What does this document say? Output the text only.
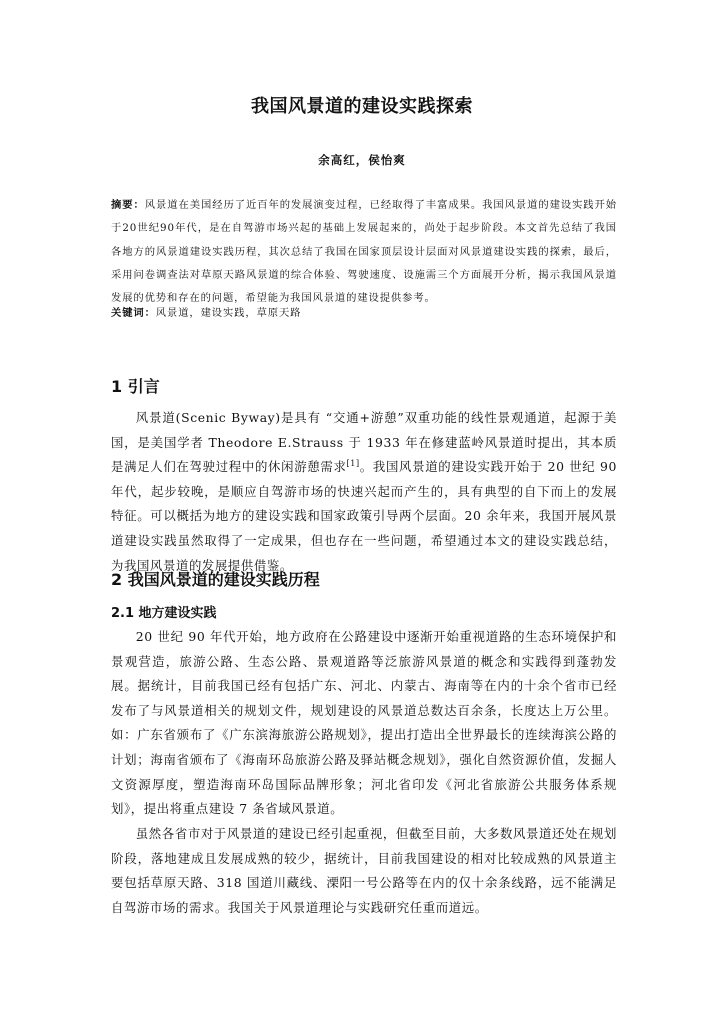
我国风景道的建设实践探索
余高红，侯怡爽
摘要：风景道在美国经历了近百年的发展演变过程，已经取得了丰富成果。我国风景道的建设实践开始于20世纪90年代，是在自驾游市场兴起的基础上发展起来的，尚处于起步阶段。本文首先总结了我国各地方的风景道建设实践历程，其次总结了我国在国家顶层设计层面对风景道建设实践的探索，最后，采用问卷调查法对草原天路风景道的综合体验、驾驶速度、设施需三个方面展开分析，揭示我国风景道发展的优势和存在的问题，希望能为我国风景道的建设提供参考。
关键词：风景道，建设实践，草原天路
1 引言
风景道(Scenic Byway)是具有 “交通+游憩”双重功能的线性景观通道，起源于美国，是美国学者 Theodore E.Strauss 于 1933 年在修建蓝岭风景道时提出，其本质是满足人们在驾驶过程中的休闲游憩需求[1]。我国风景道的建设实践开始于 20 世纪 90 年代，起步较晚，是顺应自驾游市场的快速兴起而产生的，具有典型的自下而上的发展特征。可以概括为地方的建设实践和国家政策引导两个层面。20 余年来，我国开展风景道建设实践虽然取得了一定成果，但也存在一些问题，希望通过本文的建设实践总结，为我国风景道的发展提供借鉴。
2 我国风景道的建设实践历程
2.1 地方建设实践
20 世纪 90 年代开始，地方政府在公路建设中逐渐开始重视道路的生态环境保护和景观营造，旅游公路、生态公路、景观道路等泛旅游风景道的概念和实践得到蓬勃发展。据统计，目前我国已经有包括广东、河北、内蒙古、海南等在内的十余个省市已经发布了与风景道相关的规划文件，规划建设的风景道总数达百余条，长度达上万公里。如：广东省颁布了《广东滨海旅游公路规划》，提出打造出全世界最长的连续海滨公路的计划；海南省颁布了《海南环岛旅游公路及驿站概念规划》，强化自然资源价值，发掘人文资源厚度，塑造海南环岛国际品牌形象；河北省印发《河北省旅游公共服务体系规划》，提出将重点建设 7 条省域风景道。
虽然各省市对于风景道的建设已经引起重视，但截至目前，大多数风景道还处在规划阶段，落地建成且发展成熟的较少，据统计，目前我国建设的相对比较成熟的风景道主要包括草原天路、318 国道川藏线、溧阳一号公路等在内的仅十余条线路，远不能满足自驾游市场的需求。我国关于风景道理论与实践研究任重而道远。
